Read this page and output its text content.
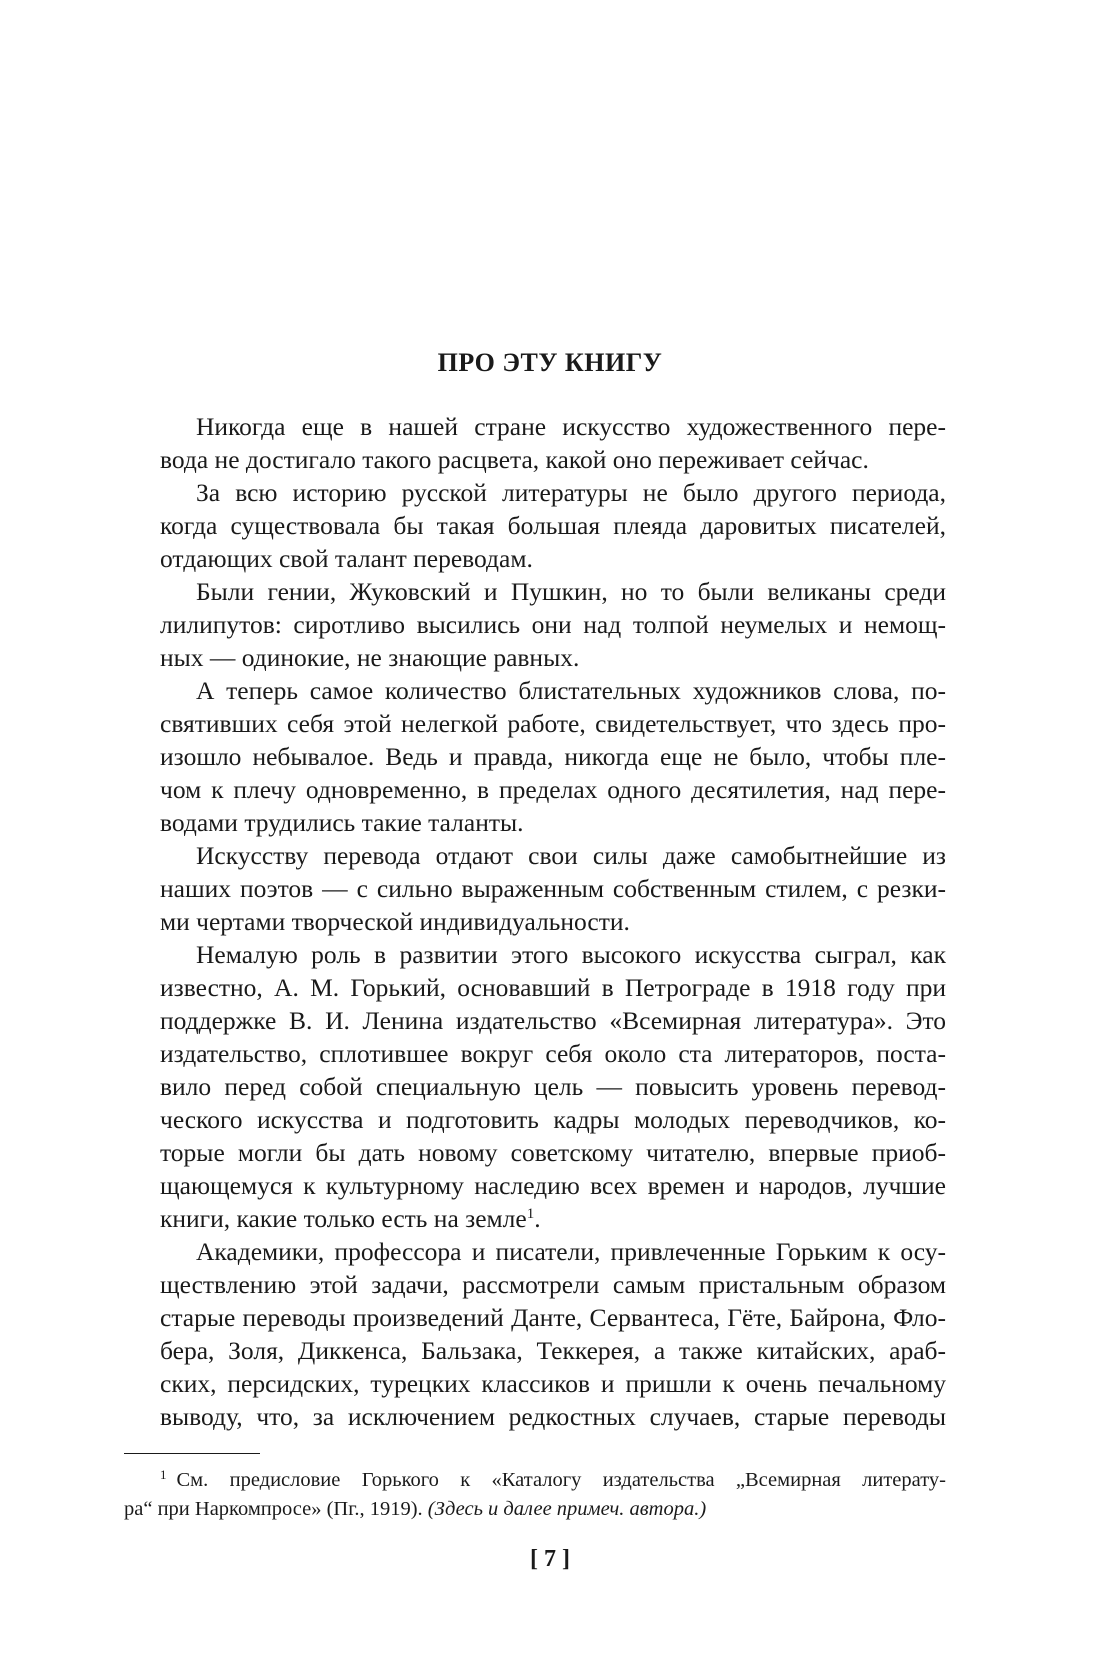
ПРО ЭТУ КНИГУ

Никогда еще в нашей стране искусство художественного пере-
вода не достигало такого расцвета, какой оно переживает сейчас.

За всю историю русской литературы не было другого периода,
когда существовала бы такая большая плеяда даровитых писателей,
отдающих свой талант переводам.

Были гении, Жуковский и Пушкин, но то были великаны среди
лилипутов: сиротливо высились они над толпой неумелых и немощ-
ных — одинокие, не знающие равных.

А теперь самое количество блистательных художников слова, по-
святивших себя этой нелегкой работе, свидетельствует, что здесь про-
изошло небывалое. Ведь и правда, никогда еще не было, чтобы пле-
чом к плечу одновременно, в пределах одного десятилетия, над пере-
водами трудились такие таланты.

Искусству перевода отдают свои силы даже самобытнейшие из
наших поэтов — с сильно выраженным собственным стилем, с резки-
ми чертами творческой индивидуальности.

Немалую роль в развитии этого высокого искусства сыграл, как
известно, А. М. Горький, основавший в Петрограде в 1918 году при
поддержке В. И. Ленина издательство «Всемирная литература». Это
издательство, сплотившее вокруг себя около ста литераторов, поста-
вило перед собой специальную цель — повысить уровень перевод-
ческого искусства и подготовить кадры молодых переводчиков, ко-
торые могли бы дать новому советскому читателю, впервые приоб-
щающемуся к культурному наследию всех времен и народов, лучшие
книги, какие только есть на земле$^1$.

Академики, профессора и писатели, привлеченные Горьким к осу-
ществлению этой задачи, рассмотрели самым пристальным образом
старые переводы произведений Данте, Сервантеса, Гёте, Байрона, Фло-
бера, Золя, Диккенса, Бальзака, Теккерея, а также китайских, араб-
ских, персидских, турецких классиков и пришли к очень печальному
выводу, что, за исключением редкостных случаев, старые переводы

$^1$ См. предисловие Горького к «Каталогу издательства „Всемирная литерату-
ра“ при Наркомпросе» (Пг., 1919). (Здесь и далее примеч. автора.)
[ 7 ]
